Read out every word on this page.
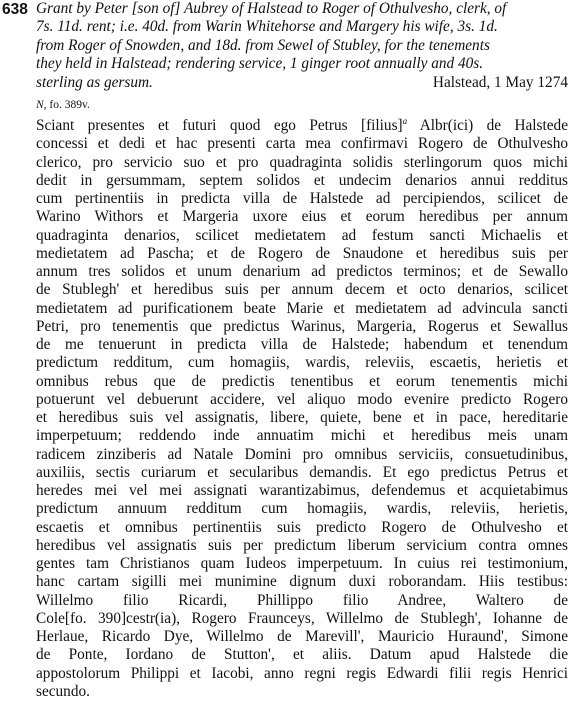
638 Grant by Peter [son of] Aubrey of Halstead to Roger of Othulvesho, clerk, of
7s. 11d. rent; i.e. 40d. from Warin Whitehorse and Margery his wife, 3s. 1d.
from Roger of Snowden, and 18d. from Sewel of Stubley, for the tenements
they held in Halstead; rendering service, 1 ginger root annually and 40s.
sterling as gersum.	Halstead, 1 May 1274
N, fo. 389v.
Sciant presentes et futuri quod ego Petrus [filius]$^a$ Albr(ici) de Halstede
concessi et dedi et hac presenti carta mea confirmavi Rogero de Othulvesho
clerico, pro servicio suo et pro quadraginta solidis sterlingorum quos michi
dedit in gersummam, septem solidos et undecim denarios annui redditus
cum pertinentiis in predicta villa de Halstede ad percipiendos, scilicet de
Warino Withors et Margeria uxore eius et eorum heredibus per annum
quadraginta denarios, scilicet medietatem ad festum sancti Michaelis et
medietatem ad Pascha; et de Rogero de Snaudone et heredibus suis per
annum tres solidos et unum denarium ad predictos terminos; et de Sewallo
de Stublegh' et heredibus suis per annum decem et octo denarios, scilicet
medietatem ad purificationem beate Marie et medietatem ad advincula sancti
Petri, pro tenementis que predictus Warinus, Margeria, Rogerus et Sewallus
de me tenuerunt in predicta villa de Halstede; habendum et tenendum
predictum redditum, cum homagiis, wardis, releviis, escaetis, herietis et
omnibus rebus que de predictis tenentibus et eorum tenementis michi
potuerunt vel debuerunt accidere, vel aliquo modo evenire predicto Rogero
et heredibus suis vel assignatis, libere, quiete, bene et in pace, hereditarie
imperpetuum; reddendo inde annuatim michi et heredibus meis unam
radicem zinziberis ad Natale Domini pro omnibus serviciis, consuetudinibus,
auxiliis, sectis curiarum et secularibus demandis. Et ego predictus Petrus et
heredes mei vel mei assignati warantizabimus, defendemus et acquietabimus
predictum annuum redditum cum homagiis, wardis, releviis, herietis,
escaetis et omnibus pertinentiis suis predicto Rogero de Othulvesho et
heredibus vel assignatis suis per predictum liberum servicium contra omnes
gentes tam Christianos quam Iudeos imperpetuum. In cuius rei testimonium,
hanc cartam sigilli mei munimine dignum duxi roborandam. Hiis testibus:
Willelmo filio Ricardi, Phillippo filio Andree, Waltero de
Cole[fo. 390]cestr(ia), Rogero Fraunceys, Willelmo de Stublegh', Iohanne de
Herlaue, Ricardo Dye, Willelmo de Marevill', Mauricio Huraund', Simone
de Ponte, Iordano de Stutton', et aliis. Datum apud Halstede die
appostolorum Philippi et Iacobi, anno regni regis Edwardi filii regis Henrici
secundo.
